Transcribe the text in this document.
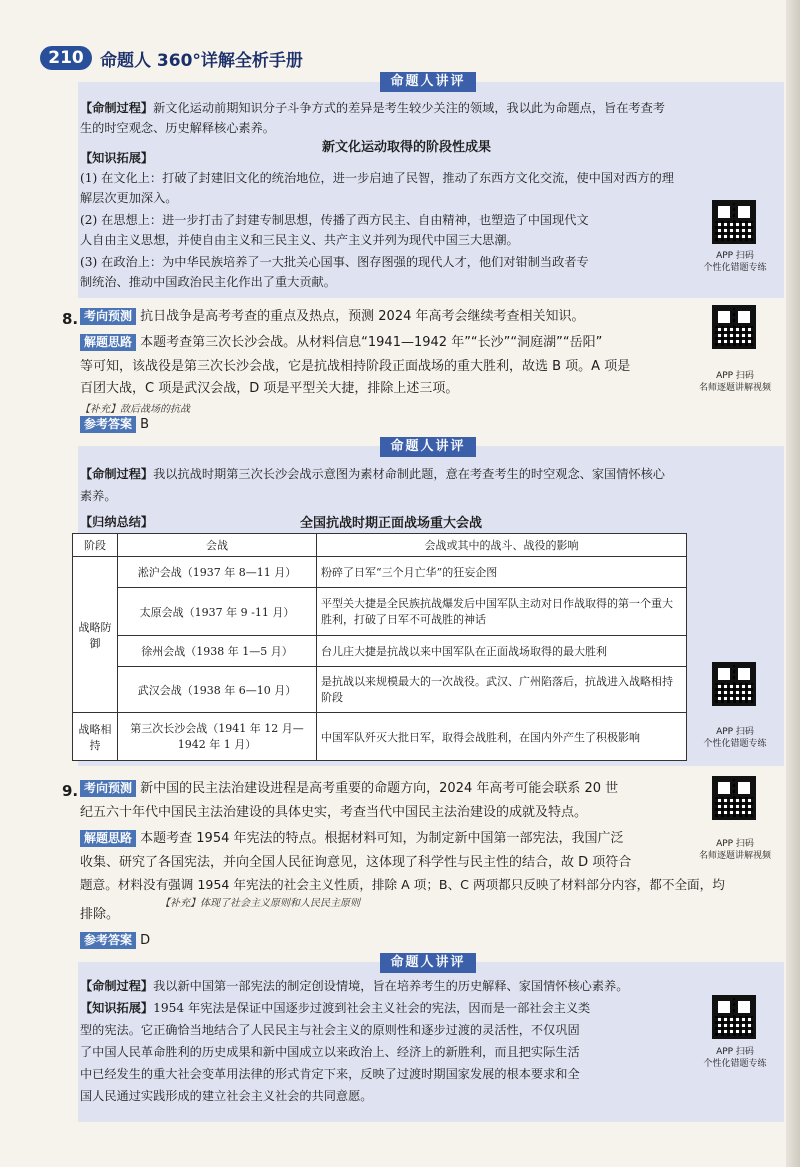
210 命题人 360°详解全析手册
命题人讲评
【命制过程】新文化运动前期知识分子斗争方式的差异是考生较少关注的领域，我以此为命题点，旨在考查考
生的时空观念、历史解释核心素养。
【知识拓展】
新文化运动取得的阶段性成果
(1) 在文化上：打破了封建旧文化的统治地位，进一步启迪了民智，推动了东西方文化交流，使中国对西方的理
解层次更加深入。
(2) 在思想上：进一步打击了封建专制思想，传播了西方民主、自由精神，也塑造了中国现代文
人自由主义思想，并使自由主义和三民主义、共产主义并列为现代中国三大思潮。
(3) 在政治上：为中华民族培养了一大批关心国事、图存图强的现代人才，他们对钳制当政者专
制统治、推动中国政治民主化作出了重大贡献。
APP 扫码
个性化错题专练
8. 考向预测 抗日战争是高考考查的重点及热点，预测 2024 年高考会继续考查相关知识。
解题思路 本题考查第三次长沙会战。从材料信息“1941—1942 年”“长沙”“洞庭湖”“岳阳”
等可知，该战役是第三次长沙会战，它是抗战相持阶段正面战场的重大胜利，故选 B 项。A 项是
百团大战，C 项是武汉会战，D 项是平型关大捷，排除上述三项。
【补充】敌后战场的抗战
参考答案 B
APP 扫码
名师逐题讲解视频
命题人讲评
【命制过程】我以抗战时期第三次长沙会战示意图为素材命制此题，意在考查考生的时空观念、家国情怀核心
素养。
【归纳总结】	全国抗战时期正面战场重大会战
阶段	会战	会战或其中的战斗、战役的影响
战略防御	淞沪会战（1937 年 8—11 月）	粉碎了日军“三个月亡华”的狂妄企图
	太原会战（1937 年 9 -11 月）	平型关大捷是全民族抗战爆发后中国军队主动对日作战取得的第一个重大胜利，打破了日军不可战胜的神话
	徐州会战（1938 年 1—5 月）	台儿庄大捷是抗战以来中国军队在正面战场取得的最大胜利
	武汉会战（1938 年 6—10 月）	是抗战以来规模最大的一次战役。武汉、广州陷落后，抗战进入战略相持阶段
战略相持	第三次长沙会战（1941 年 12 月—1942 年 1 月）	中国军队歼灭大批日军，取得会战胜利，在国内外产生了积极影响	APP 扫码
个性化错题专练
9. 考向预测 新中国的民主法治建设进程是高考重要的命题方向，2024 年高考可能会联系 20 世
纪五六十年代中国民主法治建设的具体史实，考查当代中国民主法治建设的成就及特点。
解题思路 本题考查 1954 年宪法的特点。根据材料可知，为制定新中国第一部宪法，我国广泛
收集、研究了各国宪法，并向全国人民征询意见，这体现了科学性与民主性的结合，故 D 项符合
题意。材料没有强调 1954 年宪法的社会主义性质，排除 A 项；B、C 两项都只反映了材料部分内容，都不全面，均
【补充】体现了社会主义原则和人民民主原则
排除。
参考答案 D
APP 扫码
名师逐题讲解视频
命题人讲评
【命制过程】我以新中国第一部宪法的制定创设情境，旨在培养考生的历史解释、家国情怀核心素养。
【知识拓展】1954 年宪法是保证中国逐步过渡到社会主义社会的宪法，因而是一部社会主义类
型的宪法。它正确恰当地结合了人民民主与社会主义的原则性和逐步过渡的灵活性，不仅巩固
了中国人民革命胜利的历史成果和新中国成立以来政治上、经济上的新胜利，而且把实际生活
中已经发生的重大社会变革用法律的形式肯定下来，反映了过渡时期国家发展的根本要求和全
国人民通过实践形成的建立社会主义社会的共同意愿。
APP 扫码
个性化错题专练
